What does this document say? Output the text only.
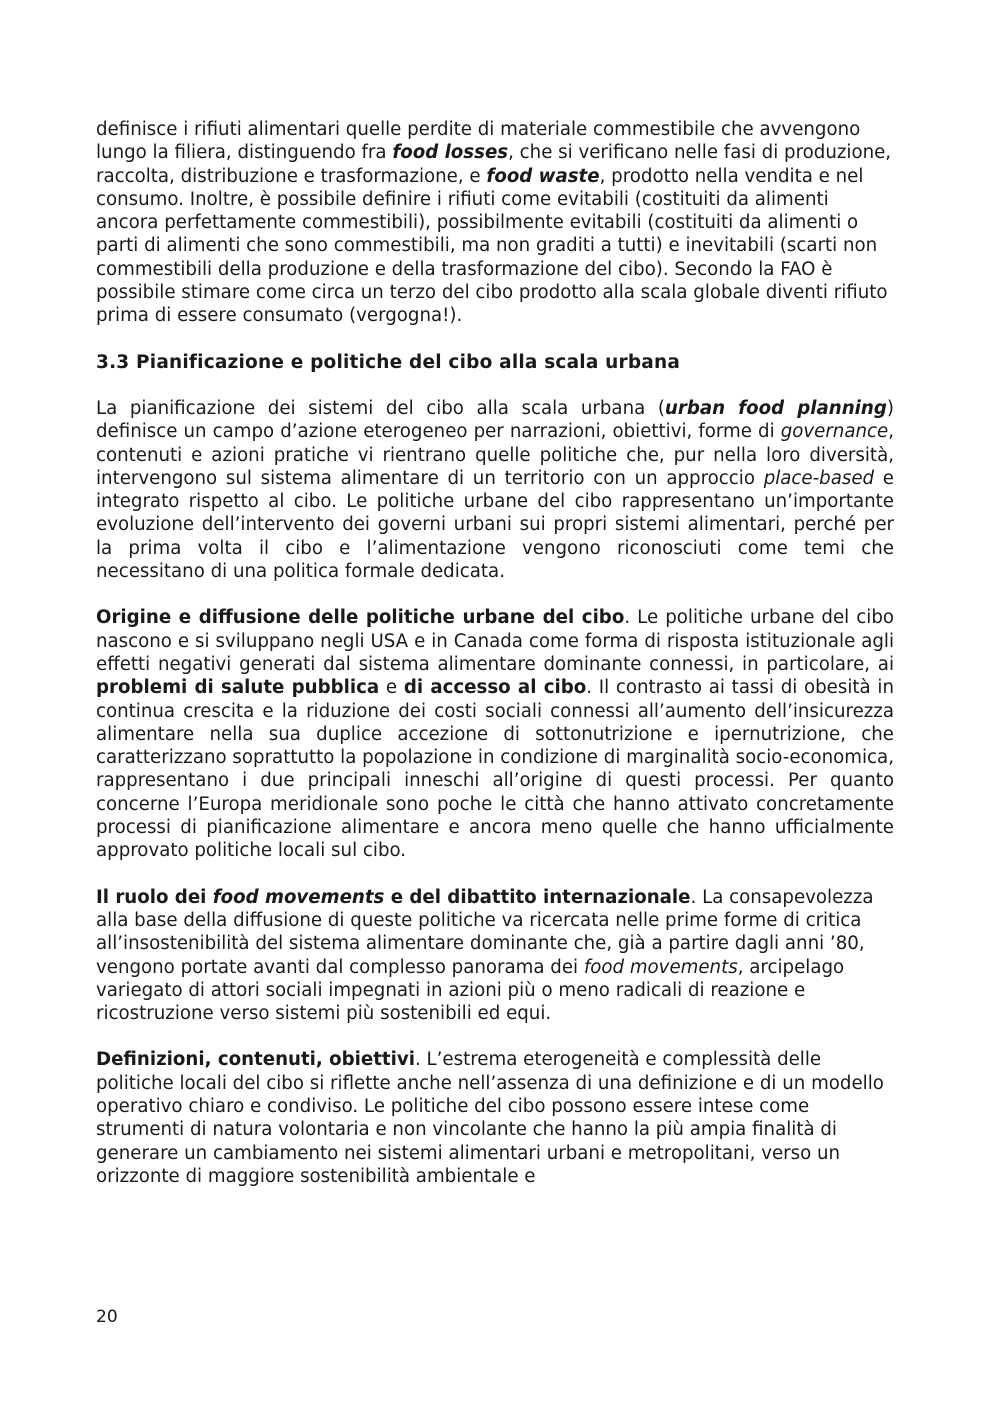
definisce i rifiuti alimentari quelle perdite di materiale commestibile che avvengono lungo la filiera, distinguendo fra food losses, che si verificano nelle fasi di produzione, raccolta, distribuzione e trasformazione, e food waste, prodotto nella vendita e nel consumo. Inoltre, è possibile definire i rifiuti come evitabili (costituiti da alimenti ancora perfettamente commestibili), possibilmente evitabili (costituiti da alimenti o parti di alimenti che sono commestibili, ma non graditi a tutti) e inevitabili (scarti non commestibili della produzione e della trasformazione del cibo). Secondo la FAO è possibile stimare come circa un terzo del cibo prodotto alla scala globale diventi rifiuto prima di essere consumato (vergogna!).

3.3 Pianificazione e politiche del cibo alla scala urbana

La pianificazione dei sistemi del cibo alla scala urbana (urban food planning) definisce un campo d’azione eterogeneo per narrazioni, obiettivi, forme di governance, contenuti e azioni pratiche vi rientrano quelle politiche che, pur nella loro diversità, intervengono sul sistema alimentare di un territorio con un approccio place-based e integrato rispetto al cibo. Le politiche urbane del cibo rappresentano un’importante evoluzione dell’intervento dei governi urbani sui propri sistemi alimentari, perché per la prima volta il cibo e l’alimentazione vengono riconosciuti come temi che necessitano di una politica formale dedicata.

Origine e diffusione delle politiche urbane del cibo. Le politiche urbane del cibo nascono e si sviluppano negli USA e in Canada come forma di risposta istituzionale agli effetti negativi generati dal sistema alimentare dominante connessi, in particolare, ai problemi di salute pubblica e di accesso al cibo. Il contrasto ai tassi di obesità in continua crescita e la riduzione dei costi sociali connessi all’aumento dell’insicurezza alimentare nella sua duplice accezione di sottonutrizione e ipernutrizione, che caratterizzano soprattutto la popolazione in condizione di marginalità socio-economica, rappresentano i due principali inneschi all’origine di questi processi. Per quanto concerne l’Europa meridionale sono poche le città che hanno attivato concretamente processi di pianificazione alimentare e ancora meno quelle che hanno ufficialmente approvato politiche locali sul cibo.

Il ruolo dei food movements e del dibattito internazionale. La consapevolezza alla base della diffusione di queste politiche va ricercata nelle prime forme di critica all’insostenibilità del sistema alimentare dominante che, già a partire dagli anni ’80, vengono portate avanti dal complesso panorama dei food movements, arcipelago variegato di attori sociali impegnati in azioni più o meno radicali di reazione e ricostruzione verso sistemi più sostenibili ed equi.

Definizioni, contenuti, obiettivi. L’estrema eterogeneità e complessità delle politiche locali del cibo si riflette anche nell’assenza di una definizione e di un modello operativo chiaro e condiviso. Le politiche del cibo possono essere intese come strumenti di natura volontaria e non vincolante che hanno la più ampia finalità di generare un cambiamento nei sistemi alimentari urbani e metropolitani, verso un orizzonte di maggiore sostenibilità ambientale e

20
